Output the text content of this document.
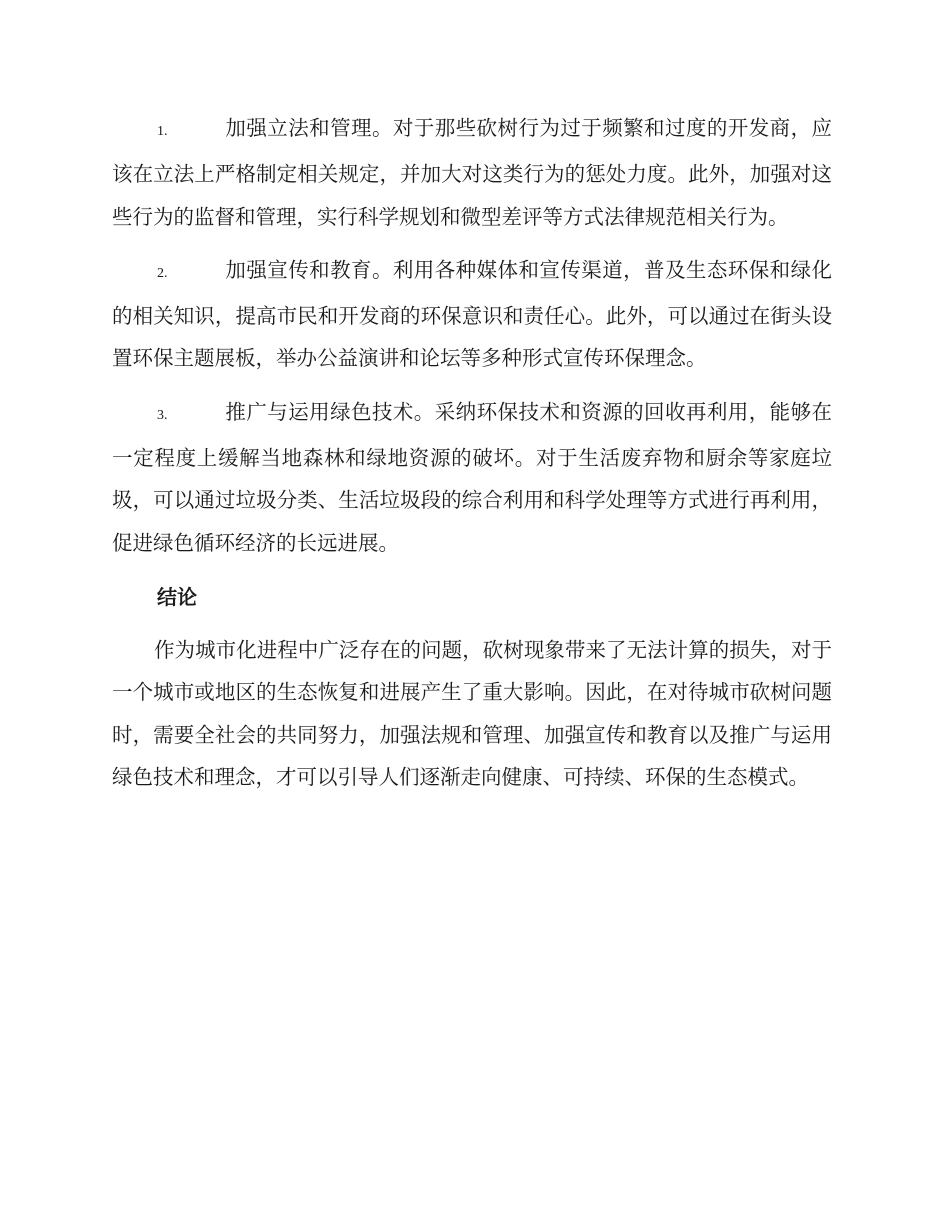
1.	加强立法和管理。对于那些砍树行为过于频繁和过度的开发商，应该在立法上严格制定相关规定，并加大对这类行为的惩处力度。此外，加强对这些行为的监督和管理，实行科学规划和微型差评等方式法律规范相关行为。

2.	加强宣传和教育。利用各种媒体和宣传渠道，普及生态环保和绿化的相关知识，提高市民和开发商的环保意识和责任心。此外，可以通过在街头设置环保主题展板，举办公益演讲和论坛等多种形式宣传环保理念。

3.	推广与运用绿色技术。采纳环保技术和资源的回收再利用，能够在一定程度上缓解当地森林和绿地资源的破坏。对于生活废弃物和厨余等家庭垃圾，可以通过垃圾分类、生活垃圾段的综合利用和科学处理等方式进行再利用，促进绿色循环经济的长远进展。

结论

作为城市化进程中广泛存在的问题，砍树现象带来了无法计算的损失，对于一个城市或地区的生态恢复和进展产生了重大影响。因此，在对待城市砍树问题时，需要全社会的共同努力，加强法规和管理、加强宣传和教育以及推广与运用绿色技术和理念，才可以引导人们逐渐走向健康、可持续、环保的生态模式。
